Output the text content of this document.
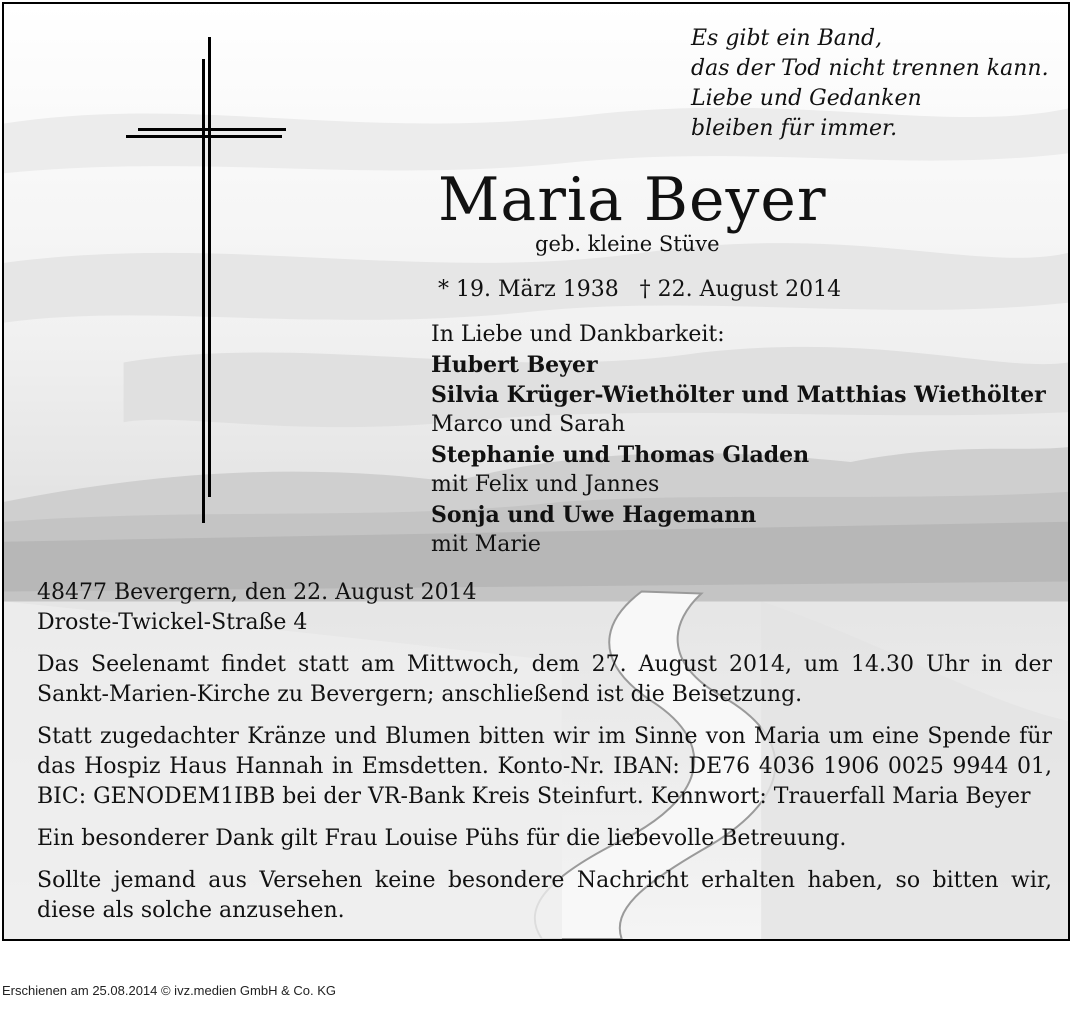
Es gibt ein Band,
das der Tod nicht trennen kann.
Liebe und Gedanken
bleiben für immer.
Maria Beyer
geb. kleine Stüve
* 19. März 1938   † 22. August 2014
In Liebe und Dankbarkeit:
Hubert Beyer
Silvia Krüger-Wiethölter und Matthias Wiethölter
Marco und Sarah
Stephanie und Thomas Gladen
mit Felix und Jannes
Sonja und Uwe Hagemann
mit Marie
48477 Bevergern, den 22. August 2014
Droste-Twickel-Straße 4

Das Seelenamt findet statt am Mittwoch, dem 27. August 2014, um 14.30 Uhr in der Sankt-Marien-Kirche zu Bevergern; anschließend ist die Beisetzung.

Statt zugedachter Kränze und Blumen bitten wir im Sinne von Maria um eine Spende für das Hospiz Haus Hannah in Emsdetten. Konto-Nr. IBAN: DE76 4036 1906 0025 9944 01, BIC: GENODEM1IBB bei der VR-Bank Kreis Steinfurt. Kennwort: Trauerfall Maria Beyer

Ein besonderer Dank gilt Frau Louise Pühs für die liebevolle Betreuung.

Sollte jemand aus Versehen keine besondere Nachricht erhalten haben, so bitten wir, diese als solche anzusehen.

Erschienen am 25.08.2014 © ivz.medien GmbH & Co. KG
